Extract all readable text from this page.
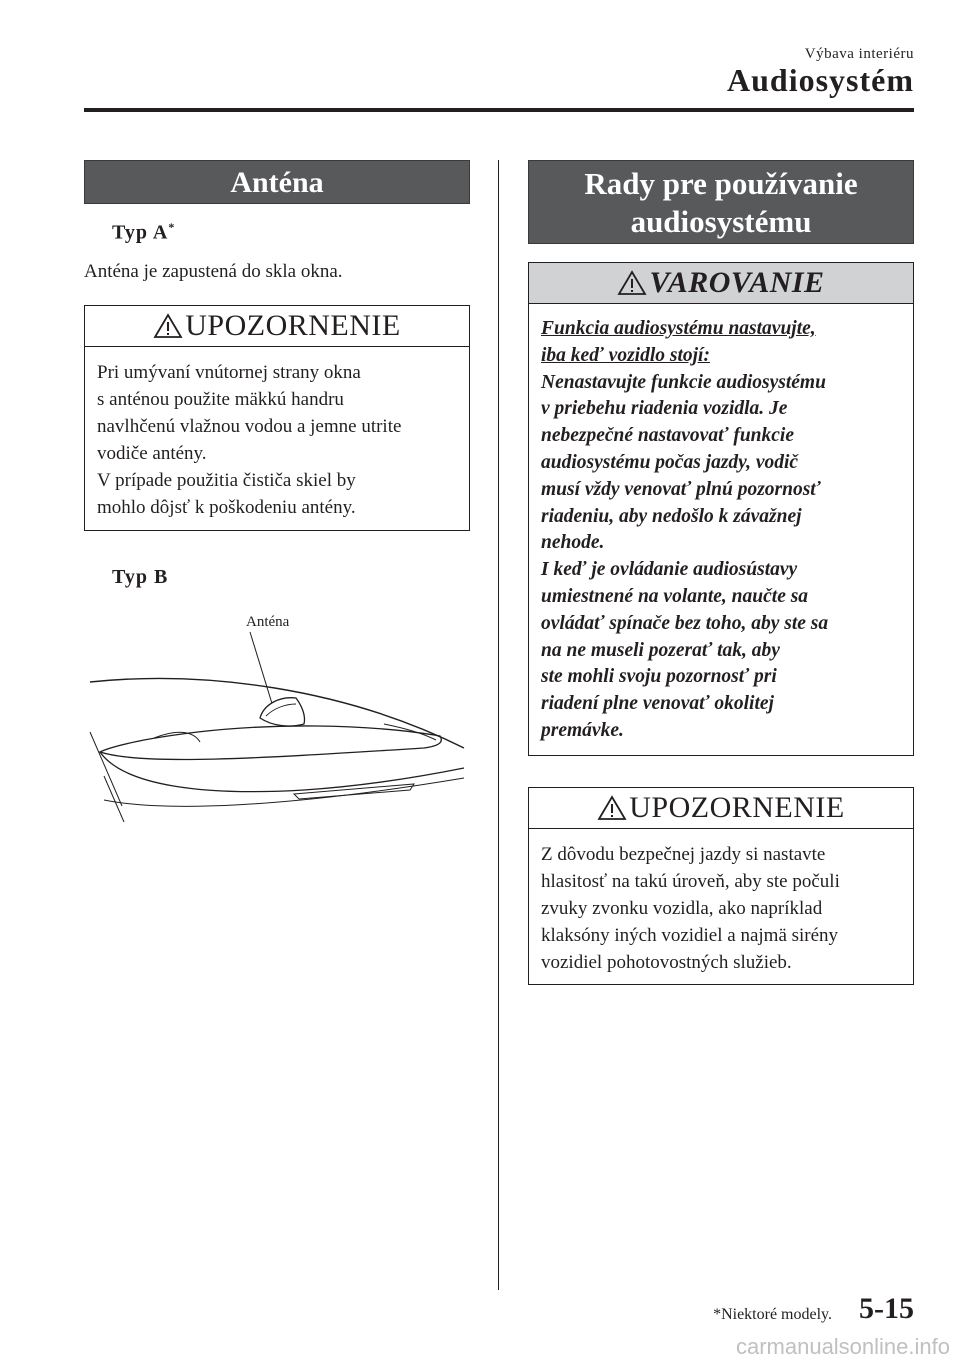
Výbava interiéru
Audiosystém
Anténa
Typ A*
Anténa je zapustená do skla okna.
UPOZORNENIE
Pri umývaní vnútornej strany okna
s anténou použite mäkkú handru
navlhčenú vlažnou vodou a jemne utrite
vodiče antény.
V prípade použitia čističa skiel by
mohlo dôjsť k poškodeniu antény.
Typ B
Anténa
Rady pre používanie
audiosystému
VAROVANIE
Funkcia audiosystému nastavujte,
iba keď vozidlo stojí:
Nenastavujte funkcie audiosystému
v priebehu riadenia vozidla. Je
nebezpečné nastavovať funkcie
audiosystému počas jazdy, vodič
musí vždy venovať plnú pozornosť
riadeniu, aby nedošlo k závažnej
nehode.
I keď je ovládanie audiosústavy
umiestnené na volante, naučte sa
ovládať spínače bez toho, aby ste sa
na ne museli pozerať tak, aby
ste mohli svoju pozornosť pri
riadení plne venovať okolitej
premávke.
UPOZORNENIE
Z dôvodu bezpečnej jazdy si nastavte
hlasitosť na takú úroveň, aby ste počuli
zvuky zvonku vozidla, ako napríklad
klaksóny iných vozidiel a najmä sirény
vozidiel pohotovostných služieb.
*Niektoré modely. 5-15
carmanualsonline.info
